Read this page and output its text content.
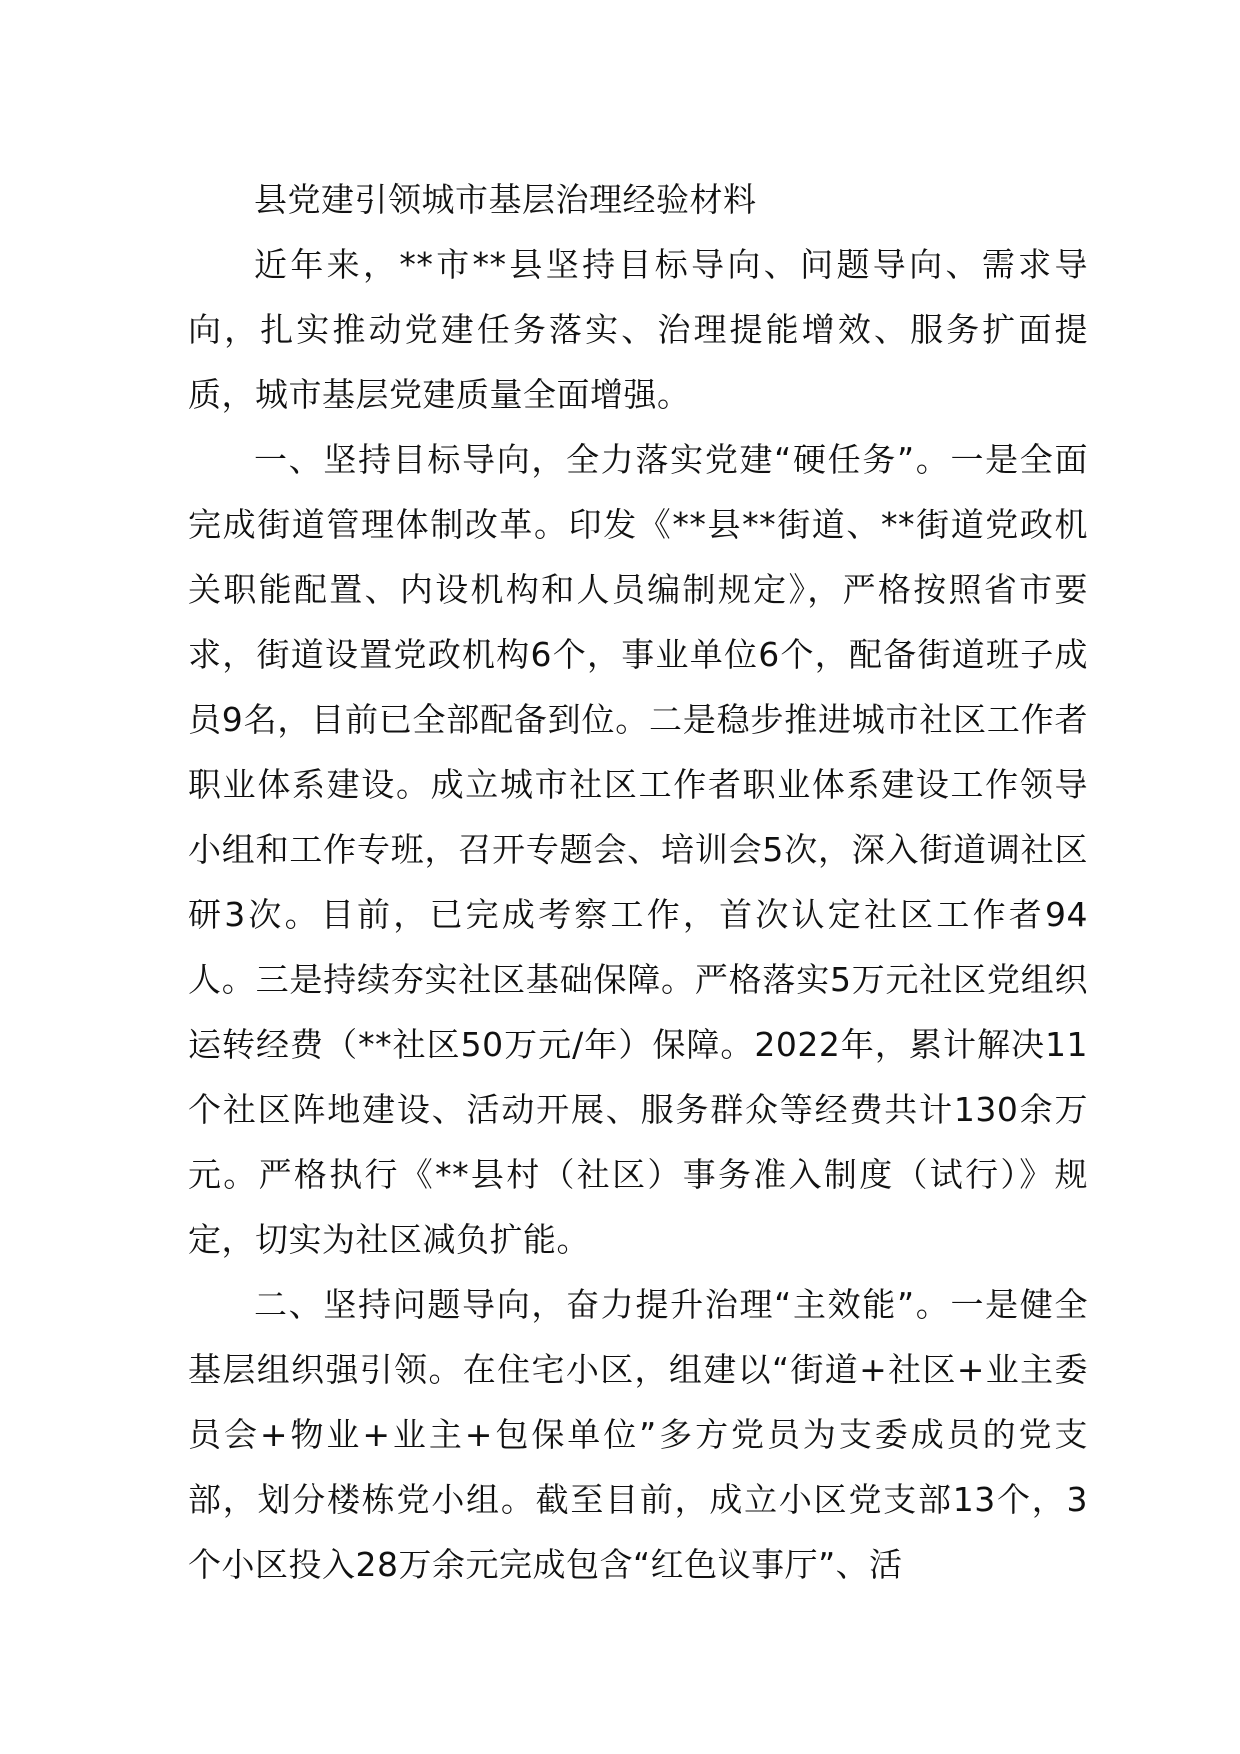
县党建引领城市基层治理经验材料

近年来，**市**县坚持目标导向、问题导向、需求导向，扎实推动党建任务落实、治理提能增效、服务扩面提质，城市基层党建质量全面增强。

一、坚持目标导向，全力落实党建“硬任务”。一是全面完成街道管理体制改革。印发《**县**街道、**街道党政机关职能配置、内设机构和人员编制规定》，严格按照省市要求，街道设置党政机构6个，事业单位6个，配备街道班子成员9名，目前已全部配备到位。二是稳步推进城市社区工作者职业体系建设。成立城市社区工作者职业体系建设工作领导小组和工作专班，召开专题会、培训会5次，深入街道调社区研3次。目前，已完成考察工作，首次认定社区工作者94人。三是持续夯实社区基础保障。严格落实5万元社区党组织运转经费（**社区50万元/年）保障。2022年，累计解决11个社区阵地建设、活动开展、服务群众等经费共计130余万元。严格执行《**县村（社区）事务准入制度（试行）》规定，切实为社区减负扩能。

二、坚持问题导向，奋力提升治理“主效能”。一是健全基层组织强引领。在住宅小区，组建以“街道+社区+业主委员会+物业+业主+包保单位”多方党员为支委成员的党支部，划分楼栋党小组。截至目前，成立小区党支部13个，3个小区投入28万余元完成包含“红色议事厅”、活
